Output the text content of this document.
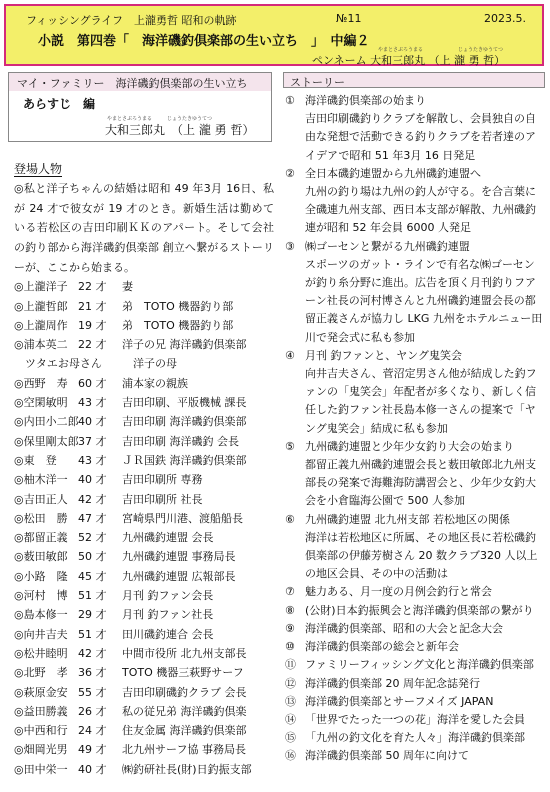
フィッシングライフ　上瀧勇哲 昭和の軌跡	№11	2023.5.
小説　第四巻「　海洋磯釣倶楽部の生い立ち　」　中編２
やまとさぶろうまる	じょうたきゆうてつ
ペンネーム 大和三郎丸 （上 瀧 勇 哲）
マイ・ファミリー　海洋磯釣倶楽部の生い立ち
あらすじ　編
やまとさぶろうまる　　　じょうたきゆうてつ
大和三郎丸　（上 瀧 勇 哲）
ストーリー
登場人物
◎私と洋子ちゃんの結婚は昭和 49 年3月 16日、私が 24 才で彼女が 19 才のとき。新婚生活は勤めている若松区の吉田印刷ＫＫのアパート。そして会社の釣り部から海洋磯釣倶楽部 創立へ繋がるストーリーが、ここから始まる。
◎上瀧洋子 22 才	妻
◎上瀧哲郎 21 才	弟　TOTO 機器釣り部
◎上瀧周作 19 才	弟　TOTO 機器釣り部
◎浦本英二 22 才	洋子の兄 海洋磯釣倶楽部
　ツタエお母さん 　洋子の母
◎西野　寿 60 才	浦本家の親族
◎空閑敏明 43 才	吉田印刷、平版機械 課長
◎内田小二郎 40 才	吉田印刷 海洋磯釣倶楽部
◎保里剛太郎 37 才	吉田印刷 海洋磯釣 会長
◎東　登	43 才	ＪＲ国鉄 海洋磯釣倶楽部
◎柚木洋一 40 才	吉田印刷所 専務
◎吉田正人 42 才	吉田印刷所 社長
◎松田　勝 47 才	宮崎県門川港、渡船船長
◎都留正義 52 才	九州磯釣連盟 会長
◎薮田敏郎 50 才	九州磯釣連盟 事務局長
◎小路　隆 45 才	九州磯釣連盟 広報部長
◎河村　博 51 才	月刊 釣ファン会長
◎島本修一 29 才	月刊 釣ファン社長
◎向井吉夫 51 才	田川磯釣連合 会長
◎松井睦明 42 才	中間市役所 北九州支部長
◎北野　孝 36 才	TOTO 機器三萩野サーフ
◎萩原金安 55 才	吉田印刷磯釣クラブ 会長
◎益田勝義 26 才	私の従兄弟 海洋磯釣倶楽
◎中西和行 24 才	住友金属 海洋磯釣倶楽部
◎畑岡光男 49 才	北九州サーフ協 事務局長
◎田中栄一 40 才	㈱釣研社長(財)日釣振支部
① 海洋磯釣倶楽部の始まり
吉田印刷磯釣りクラブを解散し、会員独自の自由な発想で活動できる釣りクラブを若者達のアイデアで昭和 51 年3月 16 日発足
② 全日本磯釣連盟から九州磯釣連盟へ
九州の釣り場は九州の釣人が守る。を合言葉に全磯連九州支部、西日本支部が解散、九州磯釣連が昭和 52 年会員 6000 人発足
③ ㈱ゴーセンと繋がる九州磯釣連盟
スポーツのガット・ラインで有名な㈱ゴーセンが釣り糸分野に進出。広告を頂く月刊釣りフアーン社長の河村博さんと九州磯釣連盟会長の都留正義さんが協力し LKG 九州をホテルニュー田川で発会式に私も参加
④ 月刊 釣ファンと、ヤング鬼笑会
向井吉夫さん、菅沼定男さん他が結成した釣ファンの「鬼笑会」年配者が多くなり、新しく信任した釣ファン社長島本修一さんの提案で「ヤング鬼笑会」結成に私も参加
⑤ 九州磯釣連盟と少年少女釣り大会の始まり
都留正義九州磯釣連盟会長と薮田敏郎北九州支部長の発案で海難海防講習会と、少年少女釣大会を小倉臨海公園で 500 人参加
⑥ 九州磯釣連盟 北九州支部 若松地区の関係
海洋は若松地区に所属、その地区長に若松磯釣倶楽部の伊藤芳樹さん 20 数クラブ320 人以上の地区会員、その中の活動は
⑦ 魅力ある、月一度の月例会釣行と常会
⑧ (公財)日本釣振興会と海洋磯釣倶楽部の繋がり
⑨ 海洋磯釣倶楽部、昭和の大会と記念大会
⑩ 海洋磯釣倶楽部の総会と新年会
⑪ ファミリーフィッシング文化と海洋磯釣倶楽部
⑫ 海洋磯釣倶楽部 20 周年記念誌発行
⑬ 海洋磯釣倶楽部とサーフメイズ JAPAN
⑭ 「世界でたった一つの花」海洋を愛した会員
⑮ 「九州の釣文化を育た人々」海洋磯釣倶楽部
⑯ 海洋磯釣倶楽部 50 周年に向けて
